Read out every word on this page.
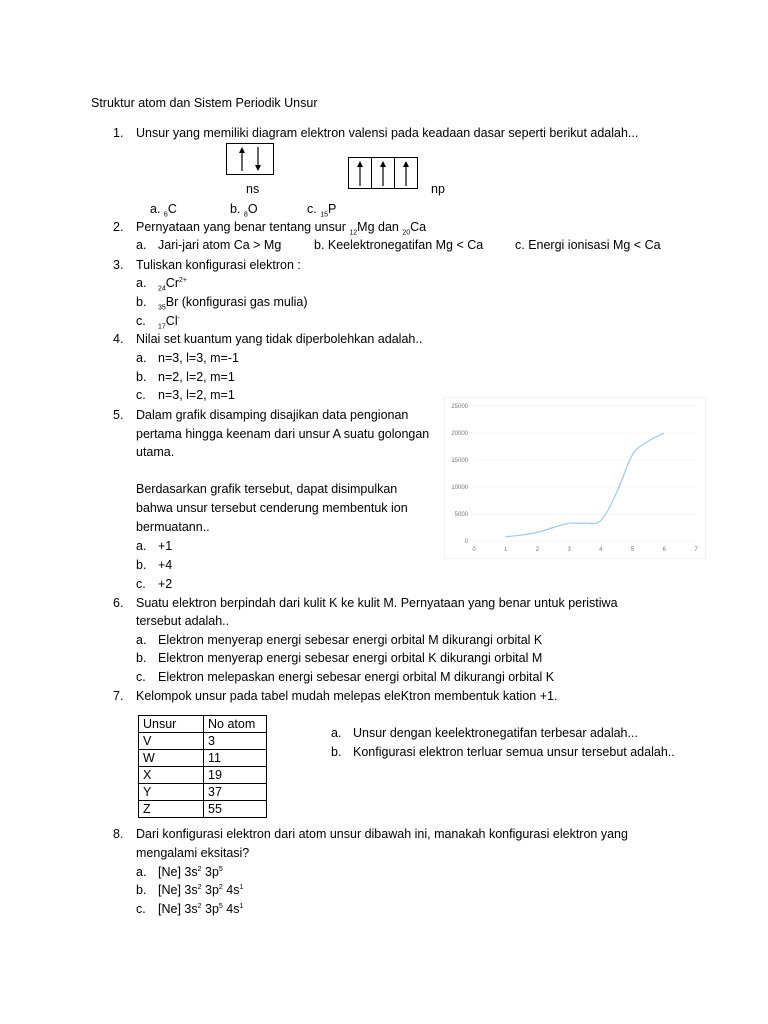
Struktur atom dan Sistem Periodik Unsur
1. Unsur yang memiliki diagram elektron valensi pada keadaan dasar seperti berikut adalah...
ns	np
a. $_6$C	b. $_8$O	c. $_{15}$P
2. Pernyataan yang benar tentang unsur $_{12}$Mg dan $_{20}$Ca
a. Jari-jari atom Ca > Mg	b. Keelektronegatifan Mg < Ca	c. Energi ionisasi Mg < Ca
3. Tuliskan konfigurasi elektron :
a. $_{24}Cr^{2+}$
b. $_{35}$Br (konfigurasi gas mulia)
c. $_{17}$Cl-
4. Nilai set kuantum yang tidak diperbolehkan adalah..
a. n=3, l=3, m=-1
b. n=2, l=2, m=1
c. n=3, l=2, m=1
5. Dalam grafik disamping disajikan data pengionan
pertama hingga keenam dari unsur A suatu golongan
utama.
Berdasarkan grafik tersebut, dapat disimpulkan
bahwa unsur tersebut cenderung membentuk ion
bermuatann..
a. +1
b. +4
c. +2
0
5000
10000
15000
20000
25000
0	1	2	3	4	5	6	7
6. Suatu elektron berpindah dari kulit K ke kulit M. Pernyataan yang benar untuk peristiwa
tersebut adalah..
a. Elektron menyerap energi sebesar energi orbital M dikurangi orbital K
b. Elektron menyerap energi sebesar energi orbital K dikurangi orbital M
c. Elektron melepaskan energi sebesar energi orbital M dikurangi orbital K
7. Kelompok unsur pada tabel mudah melepas eleKtron membentuk kation +1.
Unsur	No atom
V	3
W	11
X	19
Y	37
Z	55
a. Unsur dengan keelektronegatifan terbesar adalah...
b. Konfigurasi elektron terluar semua unsur tersebut adalah..
8. Dari konfigurasi elektron dari atom unsur dibawah ini, manakah konfigurasi elektron yang
mengalami eksitasi?
a. [Ne] $3s^2$ $3p^5$
b. [Ne] $3s^2$ $3p^2$ $4s^1$
c. [Ne] $3s^2$ $3p^5$ $4s^1$
